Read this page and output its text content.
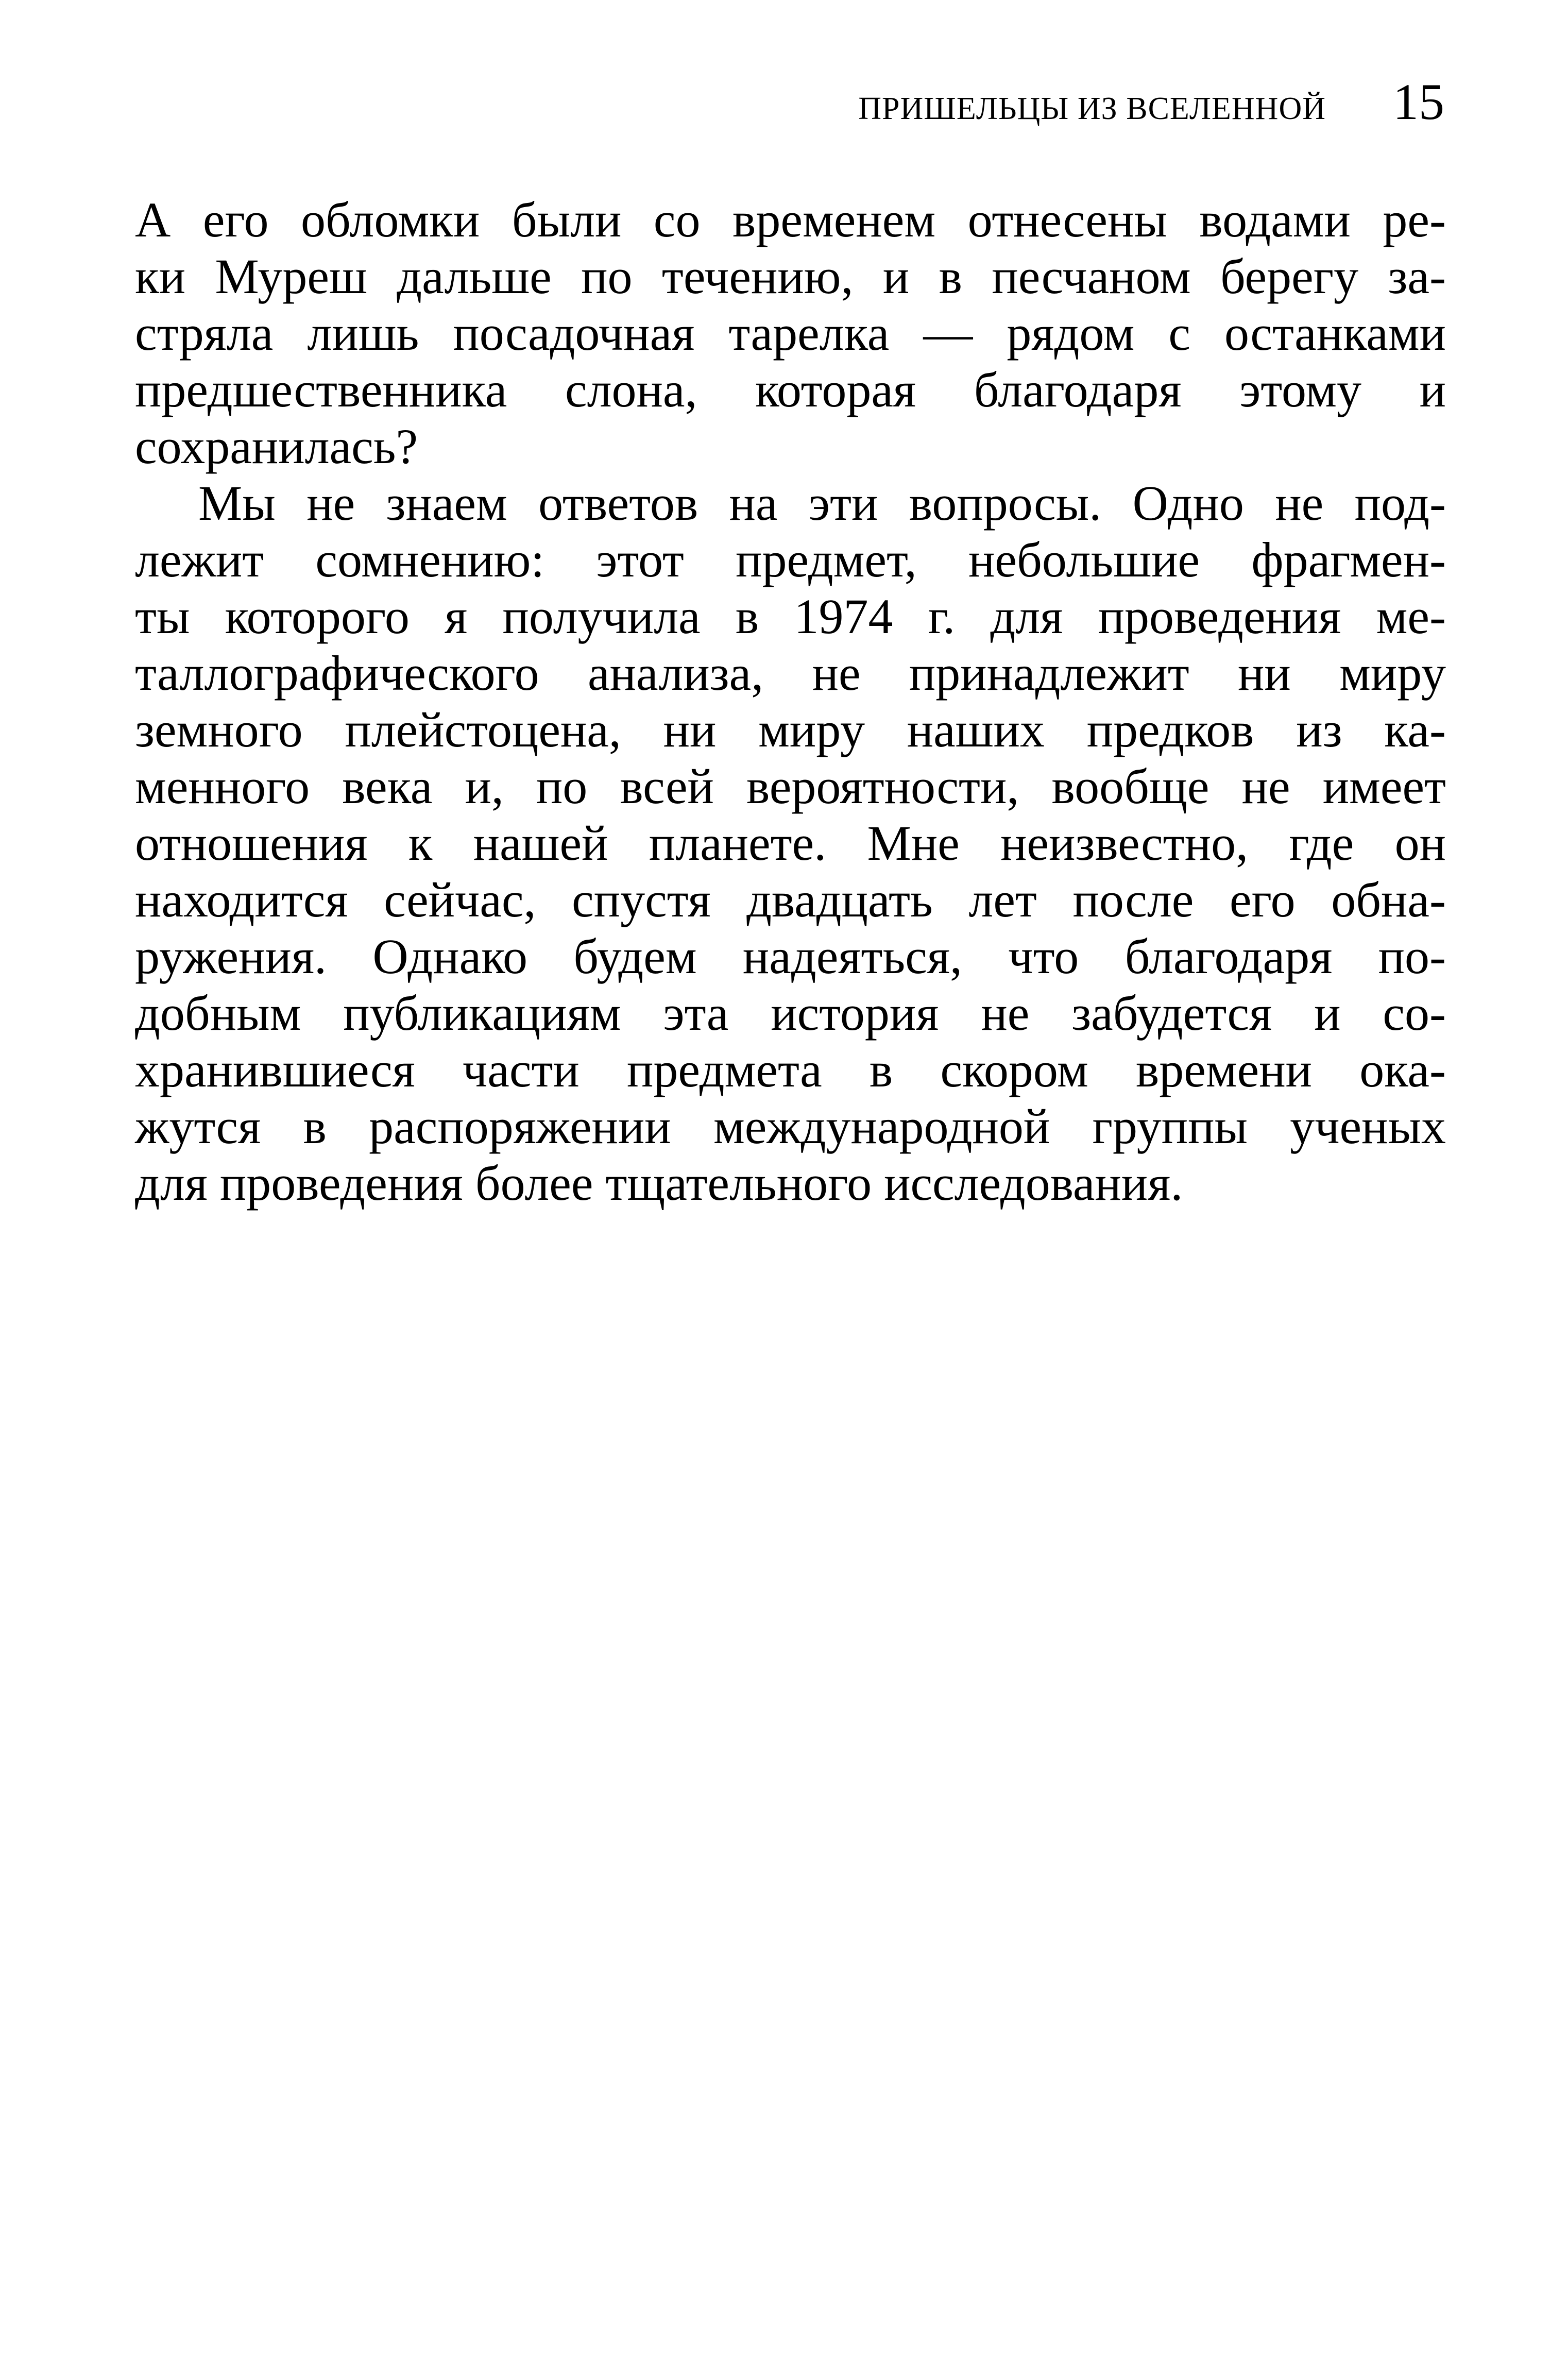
ПРИШЕЛЬЦЫ ИЗ ВСЕЛЕННОЙ 15
А его обломки были со временем отнесены водами ре-
ки Муреш дальше по течению, и в песчаном берегу за-
стряла лишь посадочная тарелка — рядом с останками
предшественника слона, которая благодаря этому и
сохранилась?
Мы не знаем ответов на эти вопросы. Одно не под-
лежит сомнению: этот предмет, небольшие фрагмен-
ты которого я получила в 1974 г. для проведения ме-
таллографического анализа, не принадлежит ни миру
земного плейстоцена, ни миру наших предков из ка-
менного века и, по всей вероятности, вообще не имеет
отношения к нашей планете. Мне неизвестно, где он
находится сейчас, спустя двадцать лет после его обна-
ружения. Однако будем надеяться, что благодаря по-
добным публикациям эта история не забудется и со-
хранившиеся части предмета в скором времени ока-
жутся в распоряжении международной группы ученых
для проведения более тщательного исследования.
